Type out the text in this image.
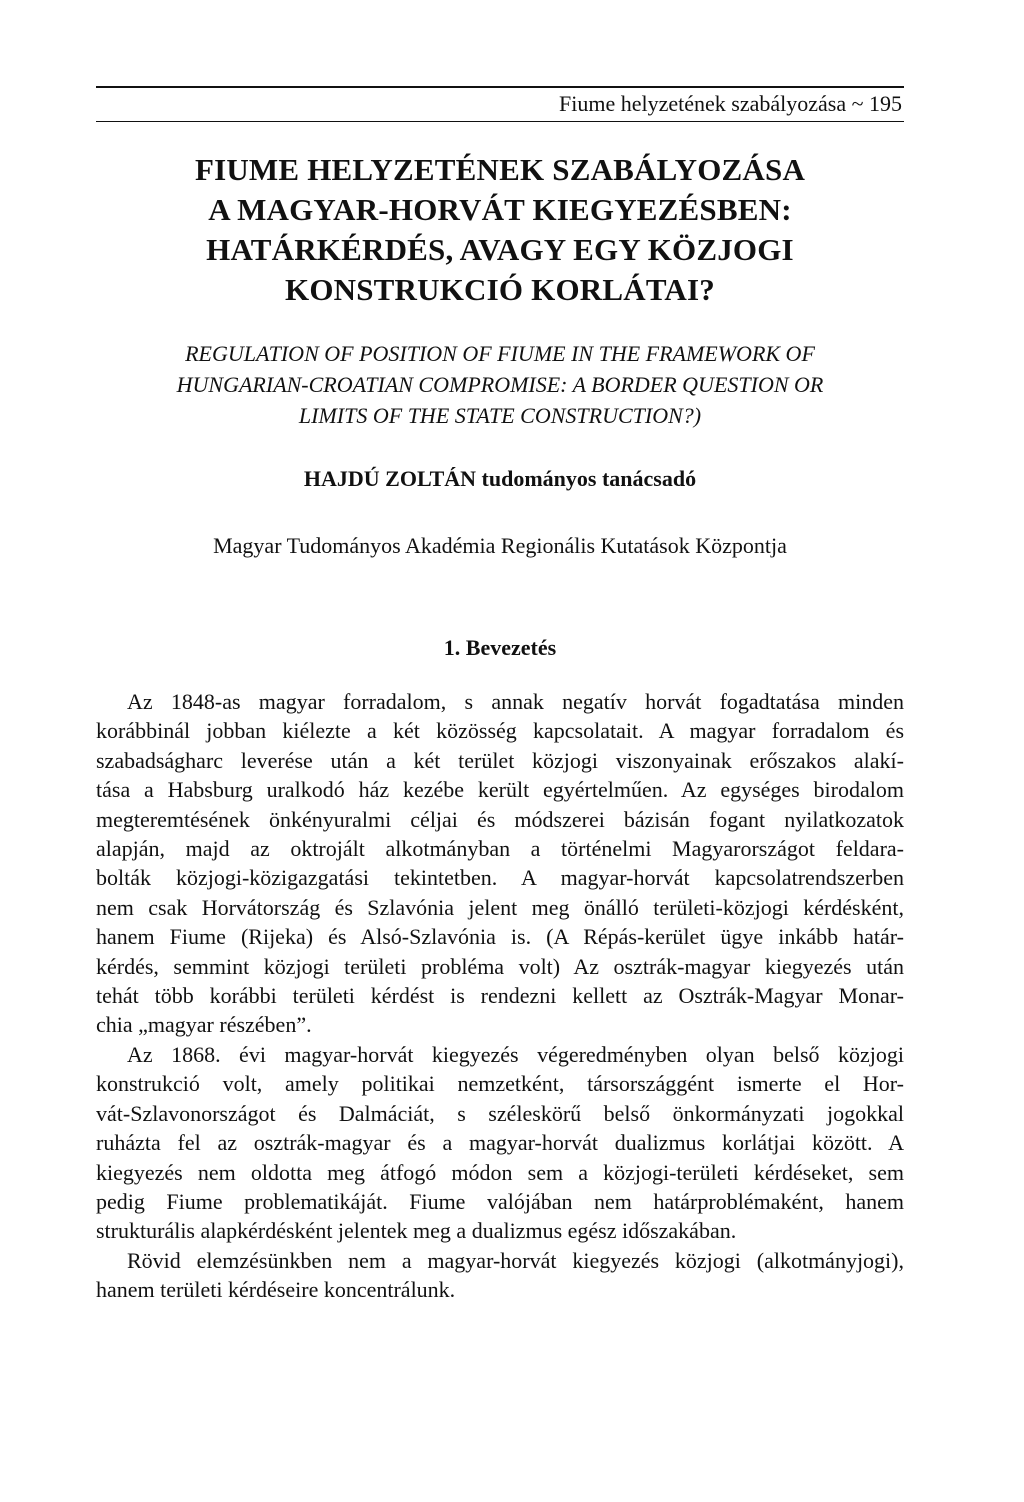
Fiume helyzetének szabályozása ~ 195
FIUME HELYZETÉNEK SZABÁLYOZÁSA
A MAGYAR-HORVÁT KIEGYEZÉSBEN:
HATÁRKÉRDÉS, AVAGY EGY KÖZJOGI
KONSTRUKCIÓ KORLÁTAI?
REGULATION OF POSITION OF FIUME IN THE FRAMEWORK OF
HUNGARIAN-CROATIAN COMPROMISE: A BORDER QUESTION OR
LIMITS OF THE STATE CONSTRUCTION?)
HAJDÚ ZOLTÁN tudományos tanácsadó
Magyar Tudományos Akadémia Regionális Kutatások Központja
1. Bevezetés
Az 1848-as magyar forradalom, s annak negatív horvát fogadtatása minden
korábbinál jobban kiélezte a két közösség kapcsolatait. A magyar forradalom és
szabadságharc leverése után a két terület közjogi viszonyainak erőszakos alakí-
tása a Habsburg uralkodó ház kezébe került egyértelműen. Az egységes birodalom
megteremtésének önkényuralmi céljai és módszerei bázisán fogant nyilatkozatok
alapján, majd az oktrojált alkotmányban a történelmi Magyarországot feldara-
bolták közjogi-közigazgatási tekintetben. A magyar-horvát kapcsolatrendszerben
nem csak Horvátország és Szlavónia jelent meg önálló területi-közjogi kérdésként,
hanem Fiume (Rijeka) és Alsó-Szlavónia is. (A Répás-kerület ügye inkább határ-
kérdés, semmint közjogi területi probléma volt) Az osztrák-magyar kiegyezés után
tehát több korábbi területi kérdést is rendezni kellett az Osztrák-Magyar Monar-
chia „magyar részében”.
Az 1868. évi magyar-horvát kiegyezés végeredményben olyan belső közjogi
konstrukció volt, amely politikai nemzetként, társországgént ismerte el Hor-
vát-Szlavonországot és Dalmáciát, s széleskörű belső önkormányzati jogokkal
ruházta fel az osztrák-magyar és a magyar-horvát dualizmus korlátjai között. A
kiegyezés nem oldotta meg átfogó módon sem a közjogi-területi kérdéseket, sem
pedig Fiume problematikáját. Fiume valójában nem határproblémaként, hanem
strukturális alapkérdésként jelentek meg a dualizmus egész időszakában.
Rövid elemzésünkben nem a magyar-horvát kiegyezés közjogi (alkotmányjogi),
hanem területi kérdéseire koncentrálunk.
